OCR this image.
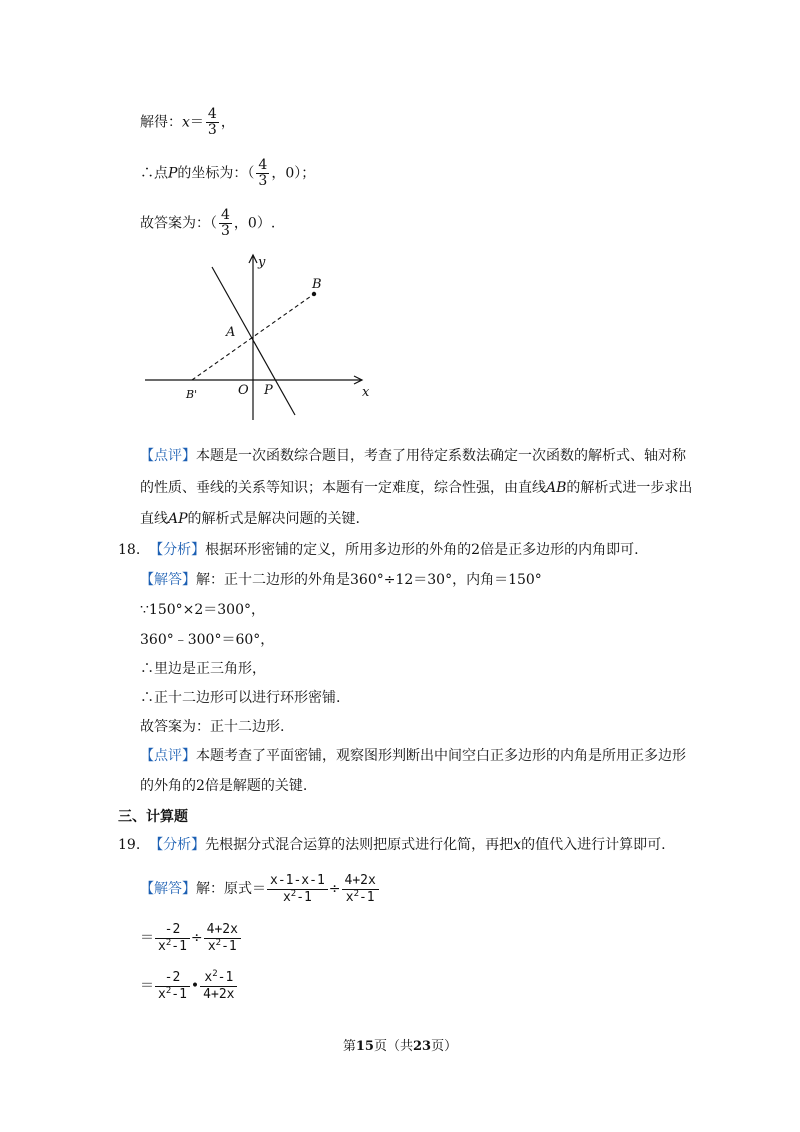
解得：$x= \frac{4}{3}$ ，
∴点P的坐标为：（ $\frac{4}{3}$ ，0）；
故答案为：（ $\frac{4}{3}$ ，0）.
y
x
B
A
B'	O P
【点评】本题是一次函数综合题目，考查了用待定系数法确定一次函数的解析式、轴对称
的性质、垂线的关系等知识；本题有一定难度，综合性强，由直线AB的解析式进一步求出
直线AP的解析式是解决问题的关键.
18. 【分析】根据环形密铺的定义，所用多边形的外角的2倍是正多边形的内角即可.
【解答】解：正十二边形的外角是360°÷12＝30°，内角＝150°
∵150°×2＝300°，
360°﹣300°＝60°，
∴里边是正三角形，
∴正十二边形可以进行环形密铺.
故答案为：正十二边形.
【点评】本题考查了平面密铺，观察图形判断出中间空白正多边形的内角是所用正多边形
的外角的2倍是解题的关键.
三、计算题
19. 【分析】先根据分式混合运算的法则把原式进行化简，再把x的值代入进行计算即可.
【解答】解：原式＝ $\frac{x-1-x-1}{x^2-1} \div \frac{4+2x}{x^2-1}$
＝ $\frac{-2}{x^2-1} \div \frac{4+2x}{x^2-1}$
＝ $\frac{-2}{x^2-1}$ • $\frac{x^2-1}{4+2x}$
第15页（共23页）
